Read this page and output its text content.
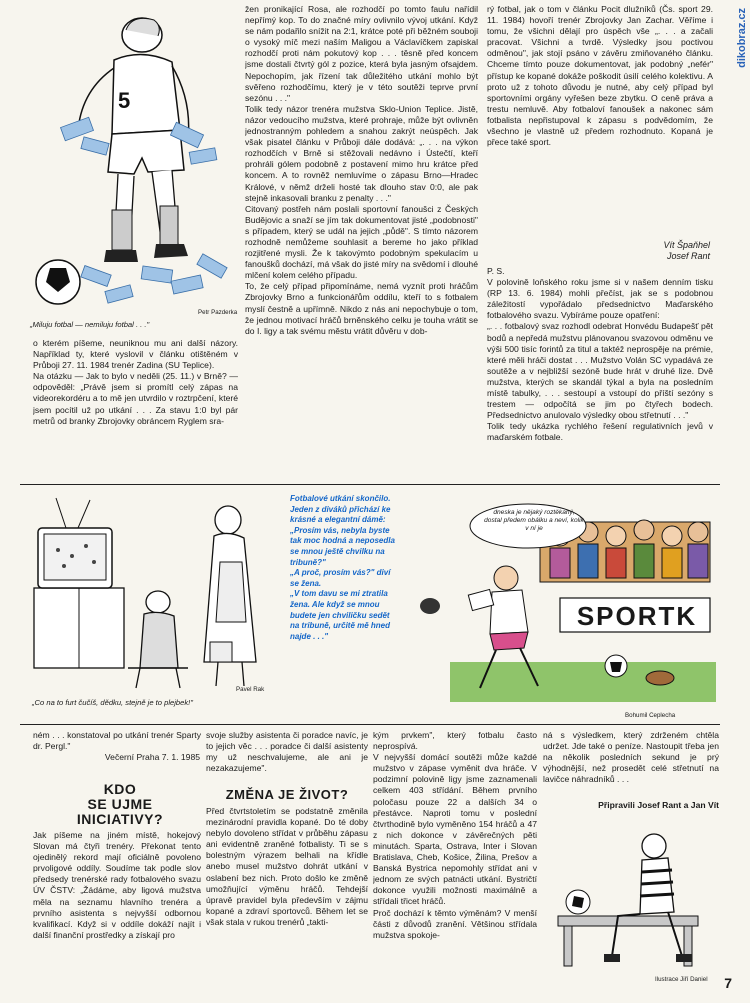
dikobraz.cz
5
„Miluju fotbal — nemiluju fotbal . . ."
Petr Pazderka
o kterém píšeme, neuniknou mu ani další názory. Například ty, které vyslovil v článku otištěném v Průboji 27. 11. 1984 trenér Zadina (SU Teplice).
Na otázku — Jak to bylo v neděli (25. 11.) v Brně? — odpověděl: „Právě jsem si promítl celý zápas na videorekordéru a to mě jen utvrdilo v roztrpčení, které jsem pocítil už po utkání . . . Za stavu 1:0 byl pár metrů od branky Zbrojovky obráncem Ryglem sra-
žen pronikající Rosa, ale rozhodčí po tomto faulu nařídil nepřímý kop. To do značné míry ovlivnilo vývoj utkání. Když se nám podařilo snížit na 2:1, krátce poté při běžném souboji o vysoký míč mezi naším Maligou a Václavíčkem zapiskal rozhodčí proti nám pokutový kop . . . těsně před koncem jsme dostali čtvrtý gól z pozice, která byla jasným ofsajdem. Nepochopím, jak řízení tak důležitého utkání mohlo být svěřeno rozhodčímu, který je v této soutěži teprve první sezónu . . ."
Tolik tedy názor trenéra mužstva Sklo-Union Teplice. Jistě, názor vedoucího mužstva, které prohraje, může být ovlivněn jednostranným pohledem a snahou zakrýt neúspěch. Jak však pisatel článku v Průboji dále dodává: „. . . na výkon rozhodčích v Brně si stěžovali nedávno i Ústečtí, kteří prohráli gólem podobně z postavení mimo hru krátce před koncem. A to rovněž nemluvíme o zápasu Brno—Hradec Králové, v němž drželi hosté tak dlouho stav 0:0, ale pak stejně inkasovali branku z penalty . . ."
Citovaný postřeh nám poslali sportovní fanoušci z Českých Budějovic a snaží se jím tak dokumentovat jisté „podobnosti" s případem, který se udál na jejich „půdě". S tímto názorem rozhodně nemůžeme souhlasit a bereme ho jako příklad rozjitřené mysli. Že k takovýmto podobným spekulacím u fanoušků dochází, má však do jisté míry na svědomí i dlouhé mlčení kolem celého případu.
To, že celý případ připomínáme, nemá vyznít proti hráčům Zbrojovky Brno a funkcionářům oddílu, kteří to s fotbalem myslí čestně a upřímně. Nikdo z nás ani nepochybuje o tom, že jednou motivací hráčů brněnského celku je touha vrátit se do I. ligy a tak svému městu vrátit důvěru v dob-
rý fotbal, jak o tom v článku Pocit dlužníků (Čs. sport 29. 11. 1984) hovoří trenér Zbrojovky Jan Zachar. Věříme i tomu, že všichni dělají pro úspěch vše „. . . a začali pracovat. Všichni a tvrdě. Výsledky jsou poctivou odměnou", jak stojí psáno v závěru zmiňovaného článku. Chceme tímto pouze dokumentovat, jak podobný „nefér" přístup ke kopané dokáže poškodit úsilí celého kolektivu. A proto už z tohoto důvodu je nutné, aby celý případ byl sportovními orgány vyřešen beze zbytku. O ceně práva a trestu nemluvě. Aby fotbaloví fanoušek a nakonec sám fotbalista nepřistupoval k zápasu s podvědomím, že všechno je vlastně už předem rozhodnuto. Kopaná je přece také sport.
Vít Špaňhel
Josef Rant
P. S.
V polovině loňského roku jsme si v našem denním tisku (RP 13. 6. 1984) mohli přečíst, jak se s podobnou záležitostí vypořádalo předsednictvo Maďarského fotbalového svazu. Vybíráme pouze opatření:
„. . . fotbalový svaz rozhodl odebrat Honvédu Budapešť pět bodů a nepředá mužstvu plánovanou svazovou odměnu ve výši 500 tisíc forintů za titul a taktéž neprospěje na prémie, které měli hráči dostat . . . Mužstvo Volán SC vypadává ze soutěže a v nejbližší sezóně bude hrát v druhé lize. Dvě mužstva, kterých se skandál týkal a byla na posledním místě tabulky, . . . sestoupí a vstoupí do příští sezóny s trestem — odpočítá se jim po čtyřech bodech. Předsednictvo anulovalo výsledky obou střetnutí . . ."
Tolik tedy ukázka rychlého řešení regulativních jevů v maďarském fotbale.
„Co na to furt čučíš, dědku, stejně je to plejbek!"
Pavel Rak
Fotbalové utkání skončilo. Jeden z diváků přichází ke krásné a elegantní dámě: „Prosím vás, nebyla byste tak moc hodná a neposedla se mnou ještě chvilku na tribuně?"
„A proč, prosím vás?" diví se žena.
„V tom davu se mi ztratila žena. Ale když se mnou budete jen chviličku sedět na tribuně, určitě mě hned najde . . ."
dneska je nějaký roztěkaný, dostal předem obálku a neví, kolik v ní je
SPORTK
Bohumil Ceplecha
ném . . . konstatoval po utkání trenér Sparty dr. Pergl."
Večerní Praha 7. 1. 1985
KDO
SE UJME
INICIATIVY?
Jak píšeme na jiném místě, hokejový Slovan má čtyři trenéry. Překonat tento ojedinělý rekord mají oficiálně povoleno prvoligové oddíly. Soudíme tak podle slov předsedy trenérské rady fotbalového svazu ÚV ČSTV: „Žádáme, aby ligová mužstva měla na seznamu hlavního trenéra a prvního asistenta s nejvyšší odbornou kvalifikací. Když si v oddíle dokáží najít i další finanční prostředky a získají pro
svoje služby asistenta či poradce navíc, je to jejich věc . . . poradce či další asistenty my už neschvalujeme, ale ani je nezakazujeme".
ZMĚNA JE ŽIVOT?
Před čtvrtstoletím se podstatně změnila mezinárodní pravidla kopané. Do té doby nebylo dovoleno střídat v průběhu zápasu ani evidentně zraněné fotbalisty. Ti se s bolestným výrazem belhali na křídle anebo musel mužstvo dohrát utkání v oslabení bez nich. Proto došlo ke změně umožňující výměnu hráčů. Tehdejší úpravě pravidel byla především v zájmu kopané a zdraví sportovců. Během let se však stala v rukou trenérů „takti-
kým prvkem", který fotbalu často neprospívá.
V nejvyšší domácí soutěži může každé mužstvo v zápase vyměnit dva hráče. V podzimní polovině ligy jsme zaznamenali celkem 403 střídání. Během prvního poločasu pouze 22 a dalších 34 o přestávce. Naproti tomu v poslední čtvrthodině bylo vyměněno 154 hráčů a 47 z nich dokonce v závěrečných pěti minutách. Sparta, Ostrava, Inter i Slovan Bratislava, Cheb, Košice, Žilina, Prešov a Banská Bystrica nepomohly střídat ani v jednom ze svých patnácti utkání. Bystričtí dokonce využili možnosti maximálně a střídali třicet hráčů.
Proč dochází k těmto výměnám? V menší části z důvodů zranění. Většinou střídala mužstva spokoje-
ná s výsledkem, který zdrženém chtěla udržet. Jde také o peníze. Nastoupit třeba jen na několik posledních sekund je prý výhodnější, než prosedět celé střetnutí na lavičce náhradníků . . .
Připravili Josef Rant a Jan Vít
Ilustrace Jiří Daniel 7
